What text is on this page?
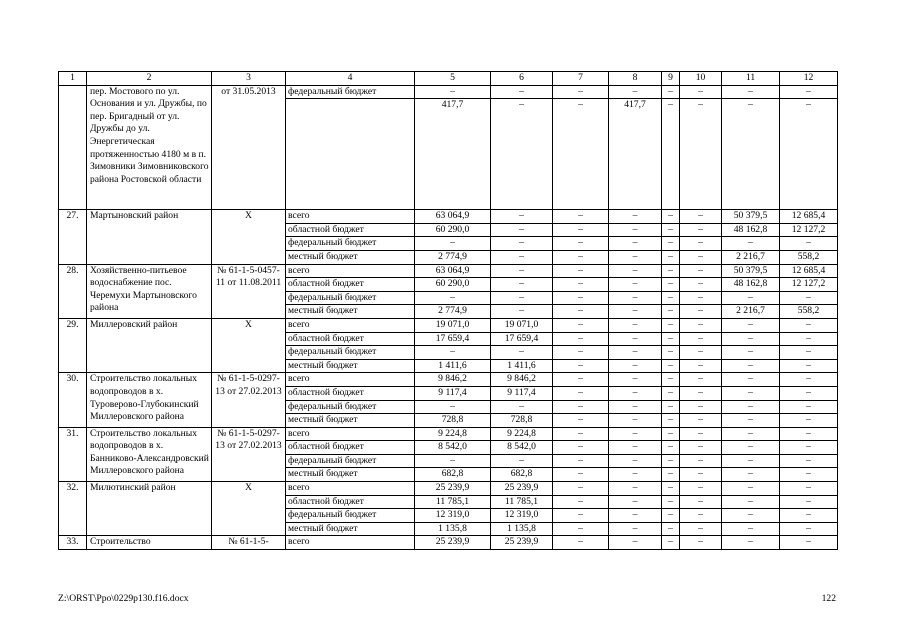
1	2	3	4	5	6	7	8	9	10	11	12
	пер. Мостового по ул. Основания и ул. Дружбы, по пер. Бригадный от ул. Дружбы до ул. Энергетическая протяженностью 4180 м в п. Зимовники Зимовниковского района Ростовской области	от 31.05.2013	федеральный бюджет	–	–	–	–	–	–	–	–
				417,7	–	–	417,7	–	–	–	–
27.	Мартыновский район	X	всего	63 064,9	–	–	–	–	–	50 379,5	12 685,4
			областной бюджет	60 290,0	–	–	–	–	–	48 162,8	12 127,2
			федеральный бюджет	–	–	–	–	–	–	–	–
			местный бюджет	2 774,9	–	–	–	–	–	2 216,7	558,2
28.	Хозяйственно-питьевое водоснабжение пос. Черемухи Мартыновского района	№ 61-1-5-0457-11 от 11.08.2011	всего	63 064,9	–	–	–	–	–	50 379,5	12 685,4
			областной бюджет	60 290,0	–	–	–	–	–	48 162,8	12 127,2
			федеральный бюджет	–	–	–	–	–	–	–	–
			местный бюджет	2 774,9	–	–	–	–	–	2 216,7	558,2
29.	Миллеровский район	X	всего	19 071,0	19 071,0	–	–	–	–	–	–
			областной бюджет	17 659,4	17 659,4	–	–	–	–	–	–
			федеральный бюджет	–	–	–	–	–	–	–	–
			местный бюджет	1 411,6	1 411,6	–	–	–	–	–	–
30.	Строительство локальных водопроводов в х. Туроверово-Глубокинский Миллеровского района	№ 61-1-5-0297-13 от 27.02.2013	всего	9 846,2	9 846,2	–	–	–	–	–	–
			областной бюджет	9 117,4	9 117,4	–	–	–	–	–	–
			федеральный бюджет	–	–	–	–	–	–	–	–
			местный бюджет	728,8	728,8	–	–	–	–	–	–
31.	Строительство локальных водопроводов в х. Банниково-Александровский Миллеровского района	№ 61-1-5-0297-13 от 27.02.2013	всего	9 224,8	9 224,8	–	–	–	–	–	–
			областной бюджет	8 542,0	8 542,0	–	–	–	–	–	–
			федеральный бюджет	–	–	–	–	–	–	–	–
			местный бюджет	682,8	682,8	–	–	–	–	–	–
32.	Милютинский район	X	всего	25 239,9	25 239,9	–	–	–	–	–	–
			областной бюджет	11 785,1	11 785,1	–	–	–	–	–	–
			федеральный бюджет	12 319,0	12 319,0	–	–	–	–	–	–
			местный бюджет	1 135,8	1 135,8	–	–	–	–	–	–
33.	Строительство	№ 61-1-5-	всего	25 239,9	25 239,9	–	–	–	–	–	–
Z:\ORST\Ppo\0229p130.f16.docx	122
